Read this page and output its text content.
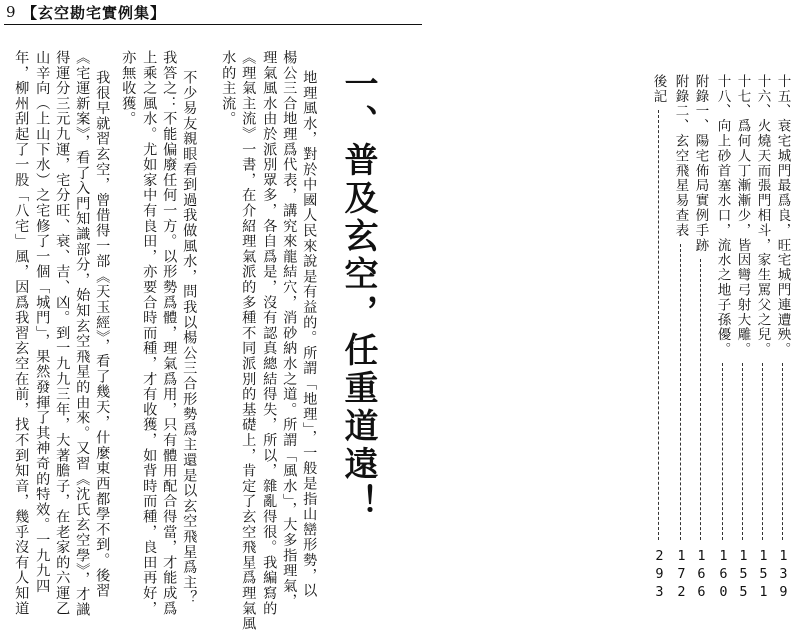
9 【玄空勘宅實例集】
一、普及玄空，任重道遠！
地理風水，對於中國人民來說是有益的。所謂「地理」，一般是指山巒形勢，以
楊公三合地理爲代表，講究來龍結穴，消砂納水之道。所謂「風水」，大多指理氣，
理氣風水由於派別眾多，各自爲是，沒有認真總結得失，所以，雜亂得很。我編寫的
《理氣主流》一書，在介紹理氣派的多種不同派別的基礎上，肯定了玄空飛星爲理氣風
水的主流。
不少易友親眼看到過我做風水，問我以楊公三合形勢爲主還是以玄空飛星爲主？
我答之：不能偏廢任何一方。以形勢爲體，理氣爲用，只有體用配合得當，才能成爲
上乘之風水。尤如家中有良田，亦要合時而種，才有收獲，如背時而種，良田再好，
亦無收獲。
我很早就習玄空，曾借得一部《天玉經》，看了幾天，什麼東西都學不到。後習
《宅運新案》，看了入門知識部分，始知玄空飛星的由來。又習《沈氏玄空學》，才識
得運分三元九運，宅分旺、衰、吉、凶。到一九九三年，大著膽子，在老家的六運乙
山辛向（上山下水）之宅修了一個「城門」，果然發揮了其神奇的特效。一九九四
年，柳州刮起了一股「八宅」風，因爲我習玄空在前，找不到知音，幾乎沒有人知道	十五、衰宅城門最爲良，旺宅城門連遭殃。
139
十六、火燒天而張門相斗，家生罵父之兒。
151
十七、爲何人丁漸漸少，皆因彎弓射大雕。
155
十八、向上砂首塞水口，流水之地子孫優。
160
附錄一、陽宅佈局實例手跡
166
附錄二、玄空飛星易查表
172
後記
293
